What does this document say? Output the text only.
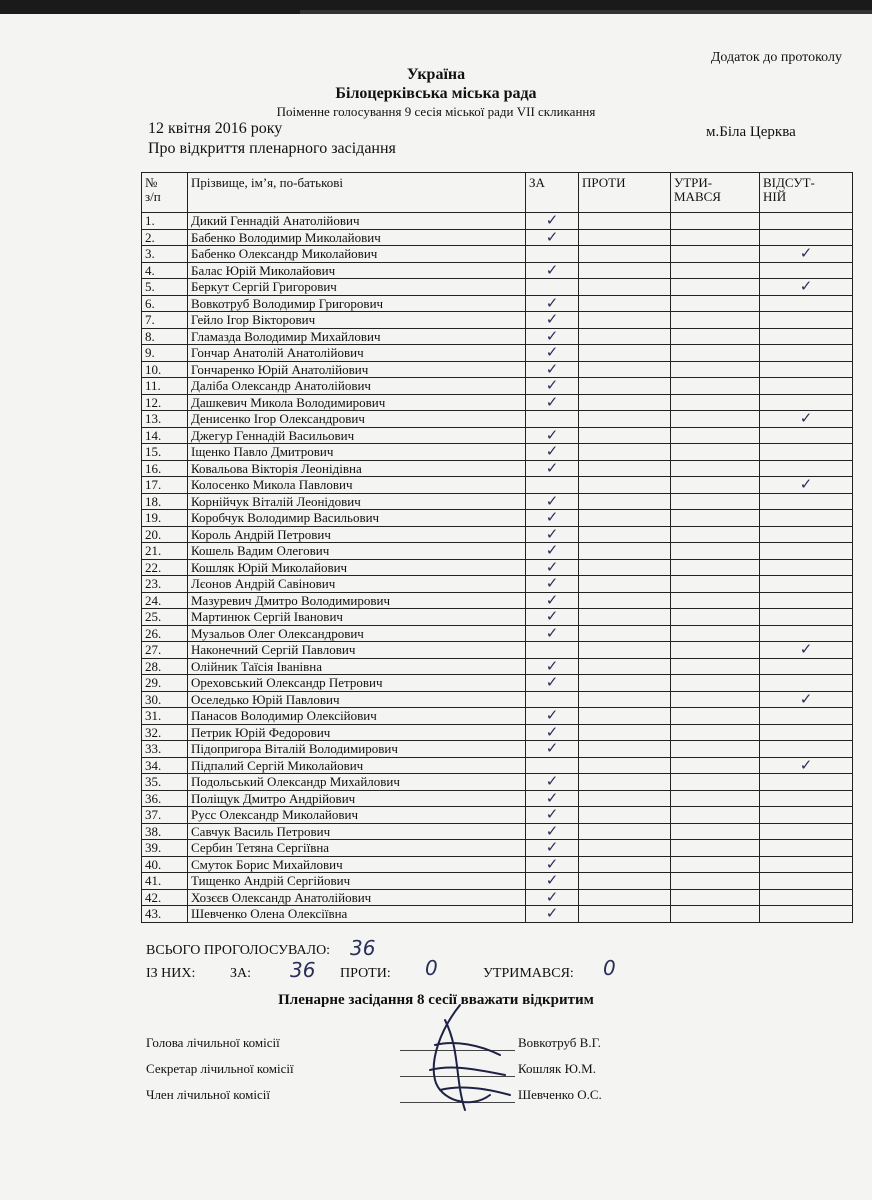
Додаток до протоколу
Україна
Білоцерківська міська рада
Поіменне голосування 9 сесія міської ради VII скликання
12 квітня 2016 року	м.Біла Церква
Про відкриття пленарного засідання
№
з/п	Прізвище, ім’я, по-батькові	ЗА	ПРОТИ	УТРИ-
МАВСЯ	ВІДСУТ-
НІЙ
1.	Дикий Геннадій Анатолійович	✓			
2.	Бабенко Володимир Миколайович	✓			
3.	Бабенко Олександр Миколайович				✓
4.	Балас Юрій Миколайович	✓			
5.	Беркут Сергій Григорович				✓
6.	Вовкотруб Володимир Григорович	✓			
7.	Гейло Ігор Вікторович	✓			
8.	Гламазда Володимир Михайлович	✓			
9.	Гончар Анатолій Анатолійович	✓			
10.	Гончаренко Юрій Анатолійович	✓			
11.	Даліба Олександр Анатолійович	✓			
12.	Дашкевич Микола Володимирович	✓			
13.	Денисенко Ігор Олександрович				✓
14.	Джегур Геннадій Васильович	✓			
15.	Іщенко Павло Дмитрович	✓			
16.	Ковальова Вікторія Леонідівна	✓			
17.	Колосенко Микола Павлович				✓
18.	Корнійчук Віталій Леонідович	✓			
19.	Коробчук Володимир Васильович	✓			
20.	Король Андрій Петрович	✓			
21.	Кошель Вадим Олегович	✓			
22.	Кошляк Юрій Миколайович	✓			
23.	Лєонов Андрій Савінович	✓			
24.	Мазуревич Дмитро Володимирович	✓			
25.	Мартинюк Сергій Іванович	✓			
26.	Музальов Олег Олександрович	✓			
27.	Наконечний Сергій Павлович				✓
28.	Олійник Таїсія Іванівна	✓			
29.	Ореховський Олександр Петрович	✓			
30.	Оселедько Юрій Павлович				✓
31.	Панасов Володимир Олексійович	✓			
32.	Петрик Юрій Федорович	✓			
33.	Підопригора Віталій Володимирович	✓			
34.	Підпалий Сергій Миколайович				✓
35.	Подольський Олександр Михайлович	✓			
36.	Поліщук Дмитро Андрійович	✓			
37.	Русс Олександр Миколайович	✓			
38.	Савчук Василь Петрович	✓			
39.	Сербин Тетяна Сергіївна	✓			
40.	Смуток Борис Михайлович	✓			
41.	Тищенко Андрій Сергійович	✓			
42.	Хозєєв Олександр Анатолійович	✓			
43.	Шевченко Олена Олексіївна	✓			
ВСЬОГО ПРОГОЛОСУВАЛО: 36
ІЗ НИХ: ЗА: 36 ПРОТИ: 0	УТРИМАВСЯ: 0
Пленарне засідання 8 сесії вважати відкритим
Голова лічильної комісії	Вовкотруб В.Г.
Секретар лічильної комісії	Кошляк Ю.М.
Член лічильної комісії	Шевченко О.С.
